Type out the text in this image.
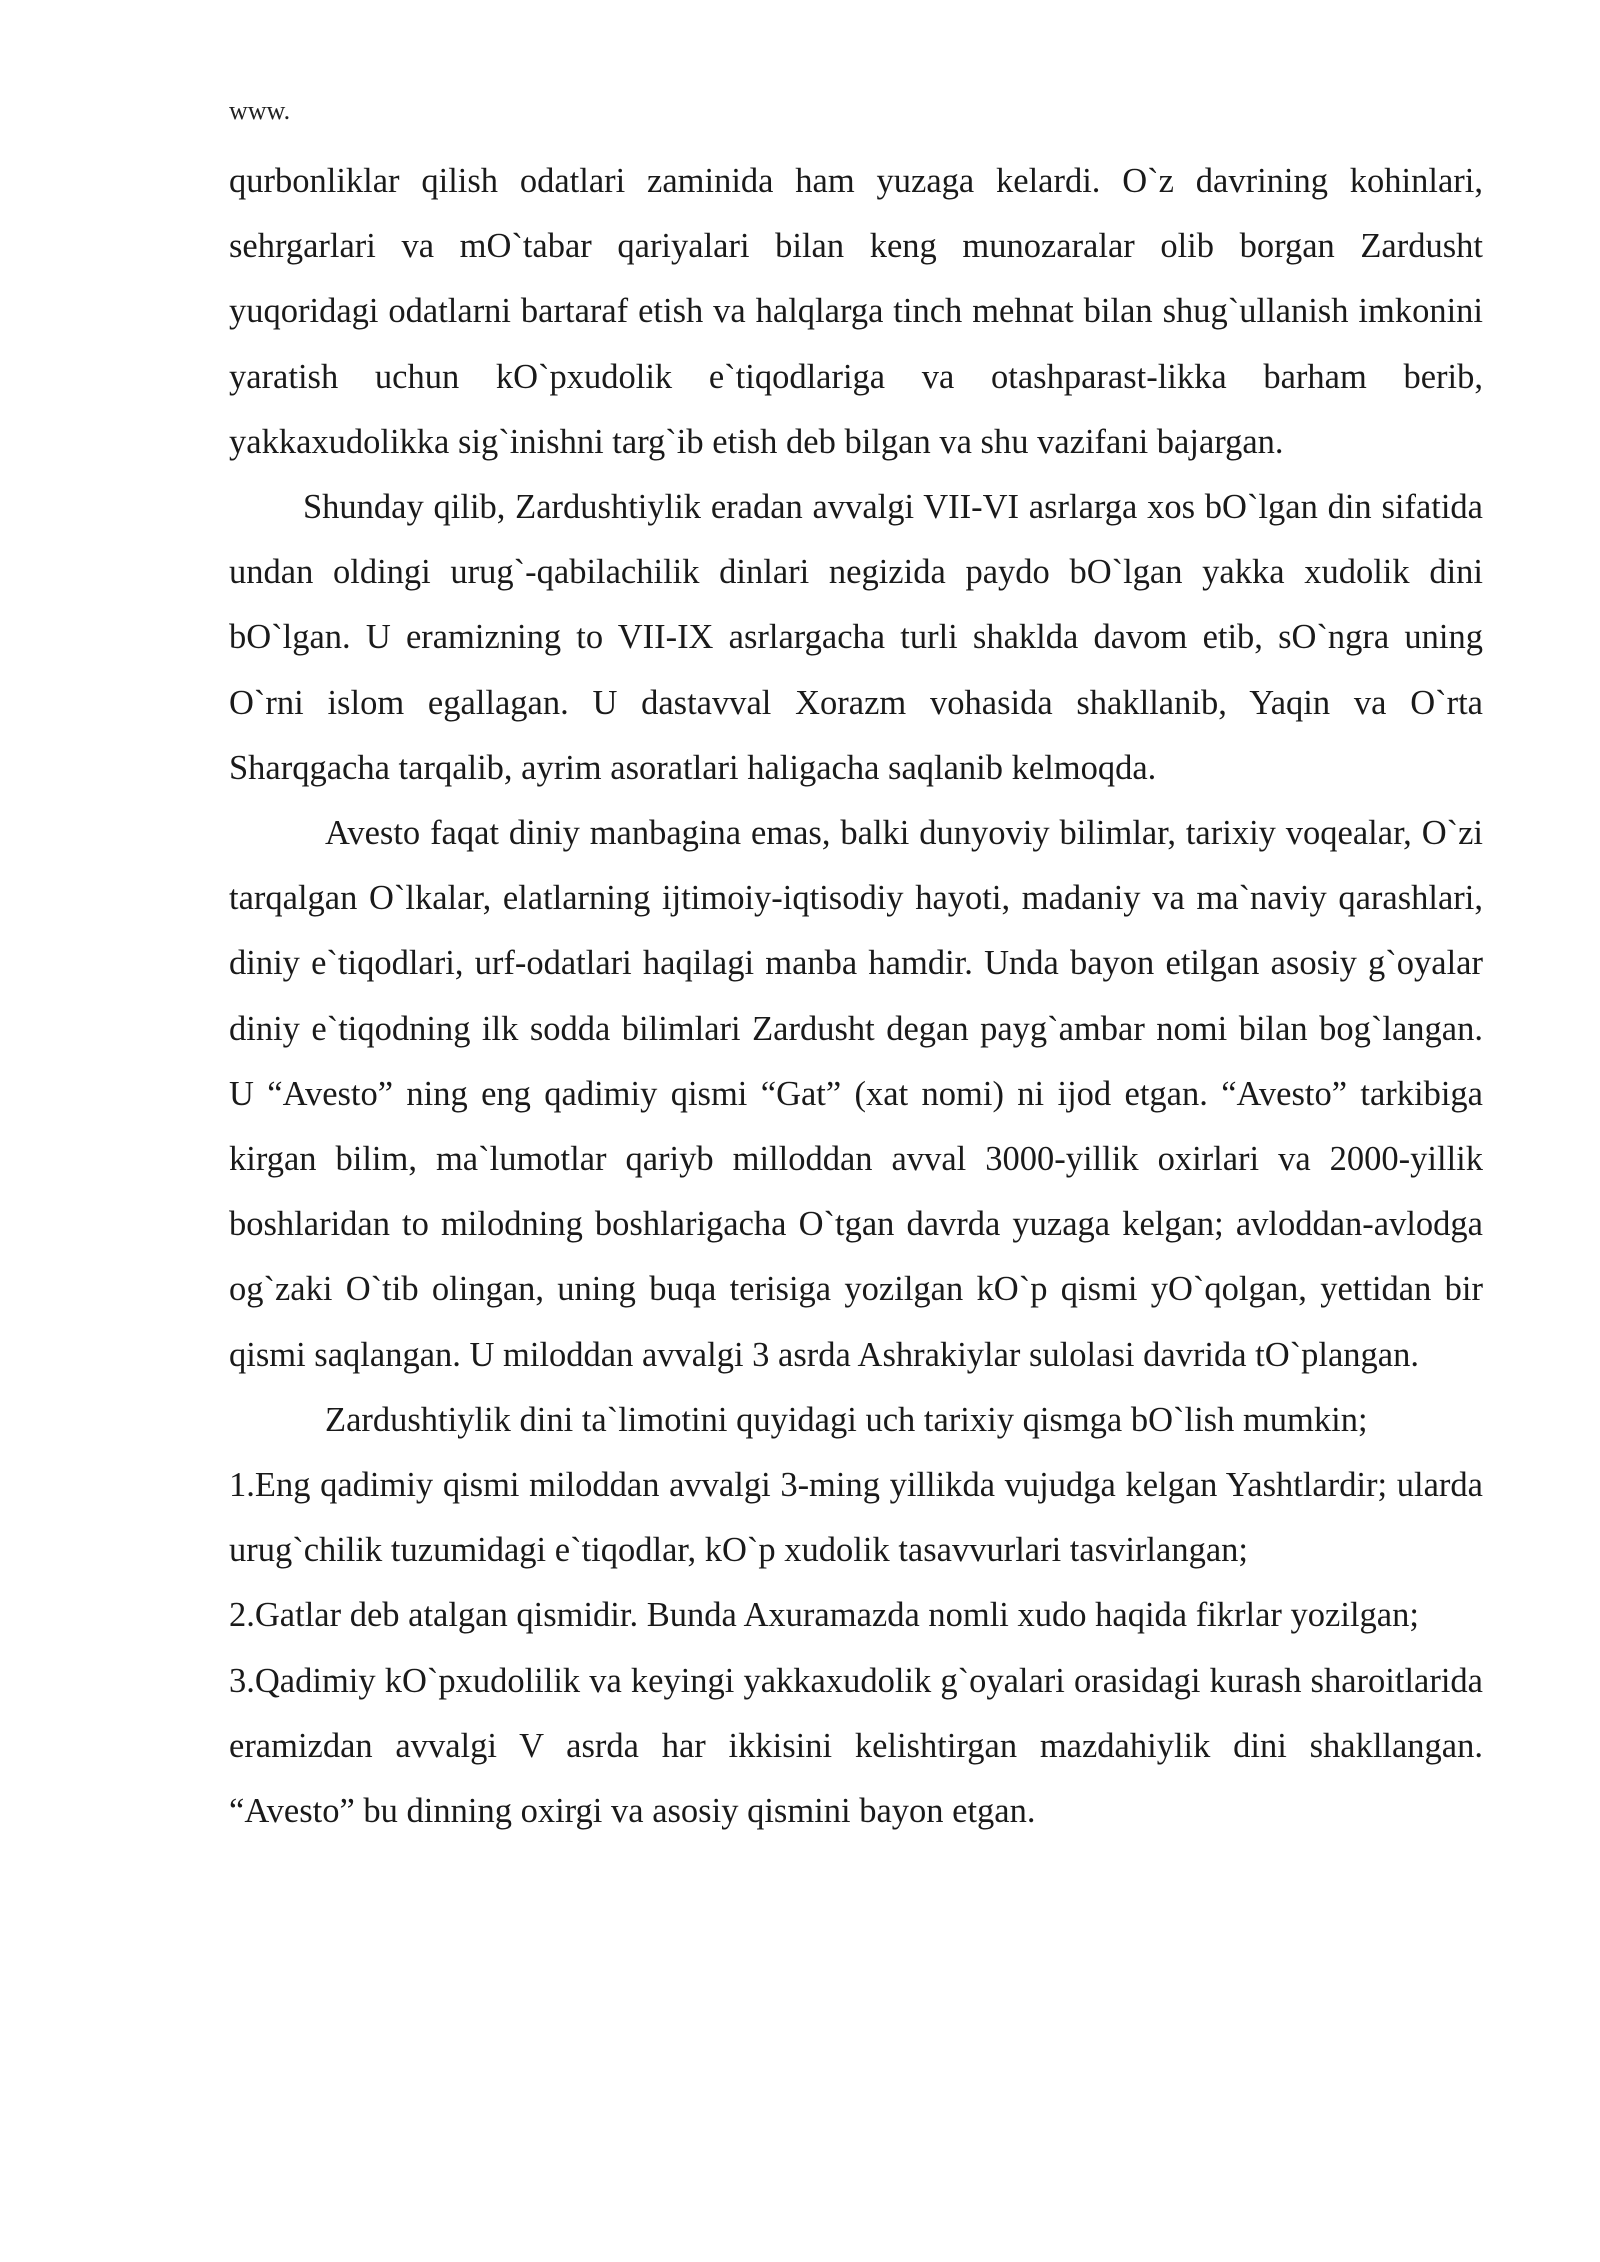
www.

qurbonliklar qilish odatlari zaminida ham yuzaga kelardi. O`z davrining kohinlari, sehrgarlari va mO`tabar qariyalari bilan keng munozaralar olib borgan Zardusht yuqoridagi odatlarni bartaraf etish va halqlarga tinch mehnat bilan shug`ullanish imkonini yaratish uchun kO`pxudolik e`tiqodlariga va otashparast-likka barham berib, yakkaxudolikka sig`inishni targ`ib etish deb bilgan va shu vazifani bajargan.

Shunday qilib, Zardushtiylik eradan avvalgi VII-VI asrlarga xos bO`lgan din sifatida undan oldingi urug`-qabilachilik dinlari negizida paydo bO`lgan yakka xudolik dini bO`lgan. U eramizning to VII-IX asrlargacha turli shaklda davom etib, sO`ngra uning O`rni islom egallagan. U dastavval Xorazm vohasida shakllanib, Yaqin va O`rta Sharqgacha tarqalib, ayrim asoratlari haligacha saqlanib kelmoqda.

Avesto faqat diniy manbagina emas, balki dunyoviy bilimlar, tarixiy voqealar, O`zi tarqalgan O`lkalar, elatlarning ijtimoiy-iqtisodiy hayoti, madaniy va ma`naviy qarashlari, diniy e`tiqodlari, urf-odatlari haqilagi manba hamdir. Unda bayon etilgan asosiy g`oyalar diniy e`tiqodning ilk sodda bilimlari Zardusht degan payg`ambar nomi bilan bog`langan. U “Avesto” ning eng qadimiy qismi “Gat” (xat nomi) ni ijod etgan. “Avesto” tarkibiga kirgan bilim, ma`lumotlar qariyb milloddan avval 3000-yillik oxirlari va 2000-yillik boshlaridan to milodning boshlarigacha O`tgan davrda yuzaga kelgan; avloddan-avlodga og`zaki O`tib olingan, uning buqa terisiga yozilgan kO`p qismi yO`qolgan, yettidan bir qismi saqlangan. U miloddan avvalgi 3 asrda Ashrakiylar sulolasi davrida tO`plangan.

Zardushtiylik dini ta`limotini quyidagi uch tarixiy qismga bO`lish mumkin;

1.Eng qadimiy qismi miloddan avvalgi 3-ming yillikda vujudga kelgan Yashtlardir; ularda urug`chilik tuzumidagi e`tiqodlar, kO`p xudolik tasavvurlari tasvirlangan;

2.Gatlar deb atalgan qismidir. Bunda Axuramazda nomli xudo haqida fikrlar yozilgan;

3.Qadimiy kO`pxudolilik va keyingi yakkaxudolik g`oyalari orasidagi kurash sharoitlarida eramizdan avvalgi V asrda har ikkisini kelishtirgan mazdahiylik dini shakllangan. “Avesto” bu dinning oxirgi va asosiy qismini bayon etgan.
